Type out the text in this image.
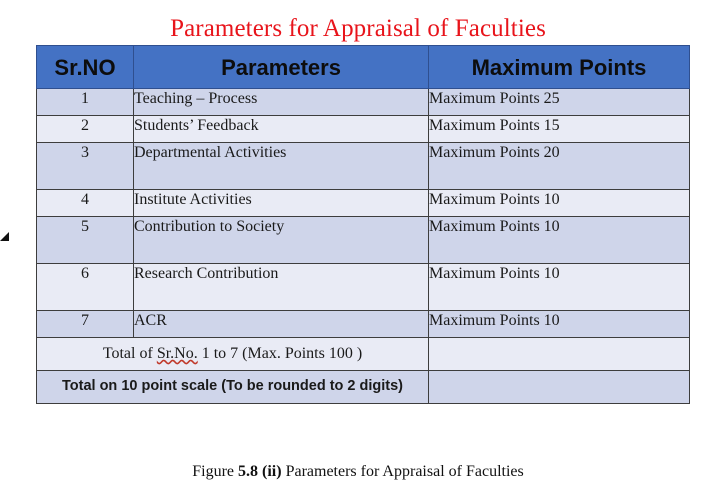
Parameters for Appraisal of Faculties
Sr.NO	Parameters	Maximum Points
1	Teaching – Process	Maximum Points 25
2	Students’ Feedback	Maximum Points 15
3	Departmental Activities	Maximum Points 20
4	Institute Activities	Maximum Points 10
5	Contribution to Society	Maximum Points 10
6	Research Contribution	Maximum Points 10
7	ACR	Maximum Points 10
Total of Sr.No. 1 to 7 (Max. Points 100 )		
Total on 10 point scale (To be rounded to 2 digits)		
Figure 5.8 (ii) Parameters for Appraisal of Faculties
